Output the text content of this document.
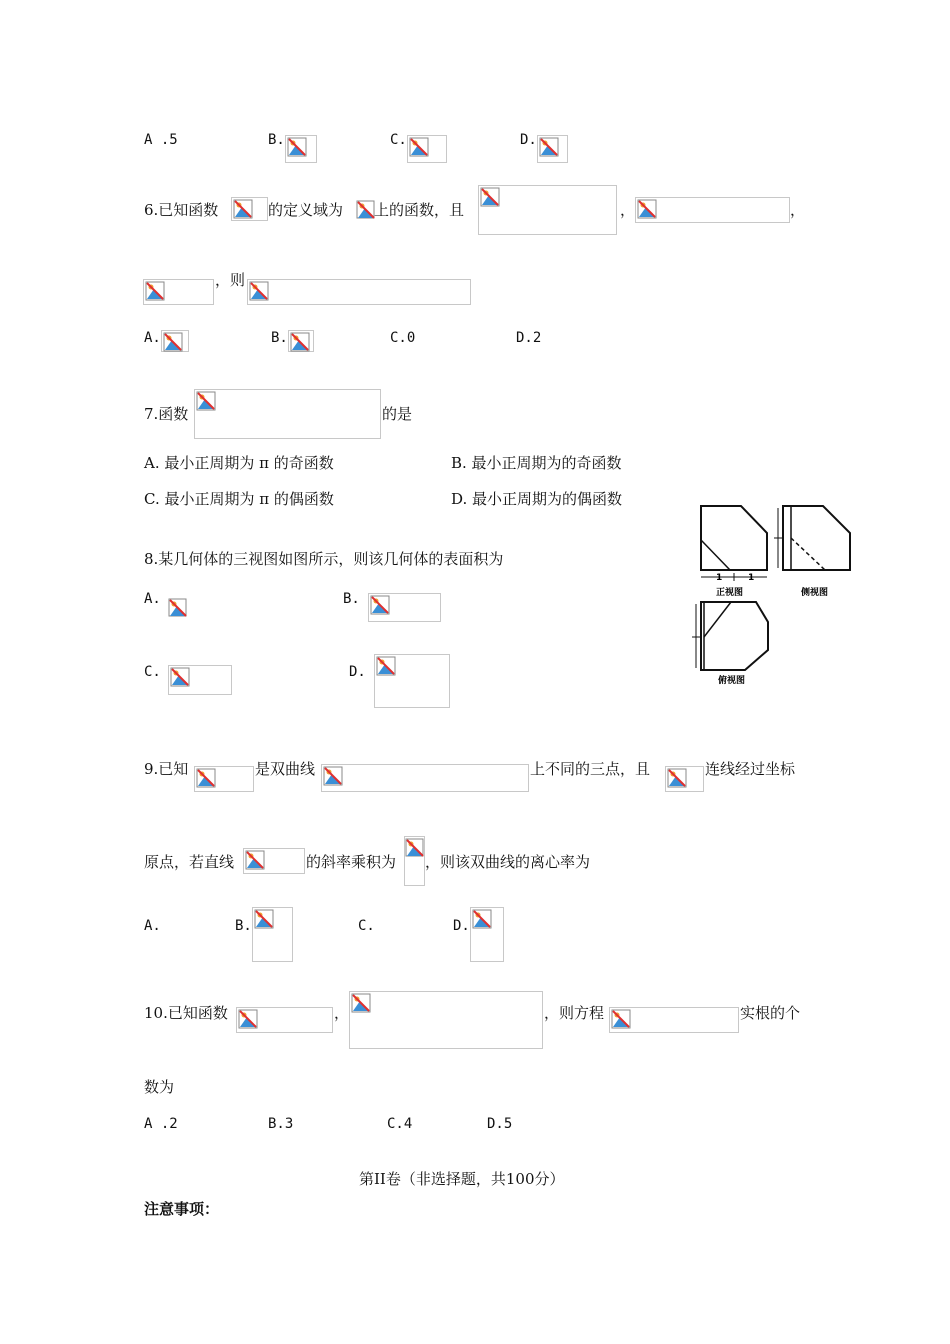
A .5	B.	C.	D.
6.已知函数	的定义域为 上的函数，且	，	，
，则
A.	B.	C.0	D.2
7.函数	的是
A. 最小正周期为 π 的奇函数	B. 最小正周期为的奇函数
C. 最小正周期为 π 的偶函数	D. 最小正周期为的偶函数
8.某几何体的三视图如图所示，则该几何体的表面积为
A.	B.
C.	D.
1	1
正视图	侧视图
俯视图
9.已知	是双曲线	上不同的三点，且	连线经过坐标
原点，若直线	的斜率乘积为 ，则该双曲线的离心率为
A.	B.	C.	D.
10.已知函数	，	，则方程	实根的个
数为
A .2	B.3	C.4	D.5
第II卷（非选择题，共100分）
注意事项：
